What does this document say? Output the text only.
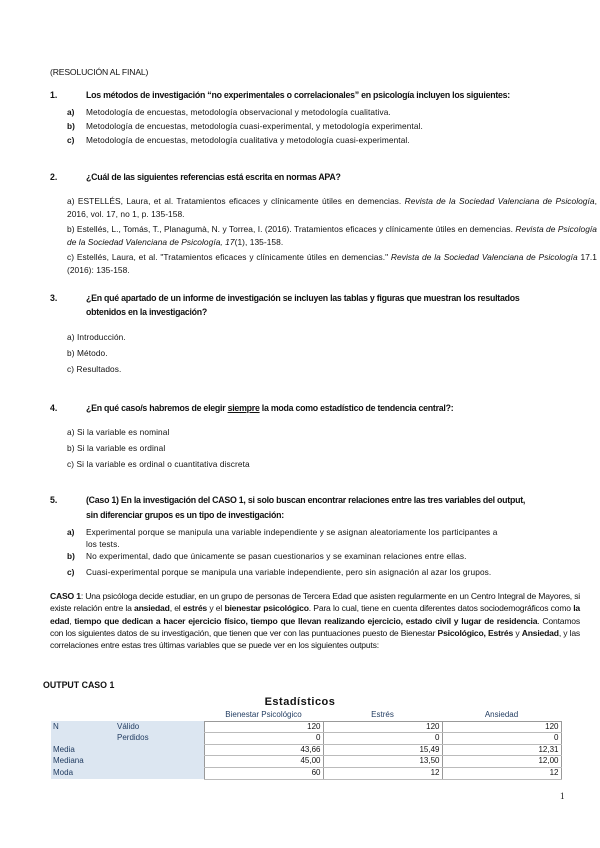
(RESOLUCIÓN AL FINAL)
1.	Los métodos de investigación “no experimentales o correlacionales” en psicología incluyen los siguientes:
a) Metodología de encuestas, metodología observacional y metodología cualitativa.
b) Metodología de encuestas, metodología cuasi-experimental, y metodología experimental.
c) Metodología de encuestas, metodología cualitativa y metodología cuasi-experimental.
2.	¿Cuál de las siguientes referencias está escrita en normas APA?
a) ESTELLÉS, Laura, et al. Tratamientos eficaces y clínicamente útiles en demencias. Revista de la Sociedad Valenciana de Psicología, 2016, vol. 17, no 1, p. 135-158.
b) Estellés, L., Tomás, T., Planagumà, N. y Torrea, I. (2016). Tratamientos eficaces y clínicamente útiles en demencias. Revista de Psicología de la Sociedad Valenciana de Psicología, 17(1), 135-158.
c) Estellés, Laura, et al. "Tratamientos eficaces y clínicamente útiles en demencias." Revista de la Sociedad Valenciana de Psicología 17.1 (2016): 135-158.
3.	¿En qué apartado de un informe de investigación se incluyen las tablas y figuras que muestran los resultados
obtenidos en la investigación?
a) Introducción.
b) Método.
c) Resultados.
4.	¿En qué caso/s habremos de elegir siempre la moda como estadístico de tendencia central?:
a) Si la variable es nominal
b) Si la variable es ordinal
c) Si la variable es ordinal o cuantitativa discreta
5.	(Caso 1) En la investigación del CASO 1, si solo buscan encontrar relaciones entre las tres variables del output,
sin diferenciar grupos es un tipo de investigación:
a) Experimental porque se manipula una variable independiente y se asignan aleatoriamente los participantes a
los tests.
b) No experimental, dado que únicamente se pasan cuestionarios y se examinan relaciones entre ellas.
c) Cuasi-experimental porque se manipula una variable independiente, pero sin asignación al azar los grupos.
CASO 1: Una psicóloga decide estudiar, en un grupo de personas de Tercera Edad que asisten regularmente en un Centro Integral de Mayores, si existe relación entre la ansiedad, el estrés y el bienestar psicológico. Para lo cual, tiene en cuenta diferentes datos sociodemográficos como la edad, tiempo que dedican a hacer ejercicio físico, tiempo que llevan realizando ejercicio, estado civil y lugar de residencia. Contamos con los siguientes datos de su investigación, que tienen que ver con las puntuaciones puesto de Bienestar Psicológico, Estrés y Ansiedad, y las correlaciones entre estas tres últimas variables que se puede ver en los siguientes outputs:
OUTPUT CASO 1
Estadísticos
		Bienestar Psicológico	Estrés	Ansiedad
N	Válido	120	120	120
	Perdidos	0	0	0
Media		43,66	15,49	12,31
Mediana		45,00	13,50	12,00
Moda		60	12	12
1
